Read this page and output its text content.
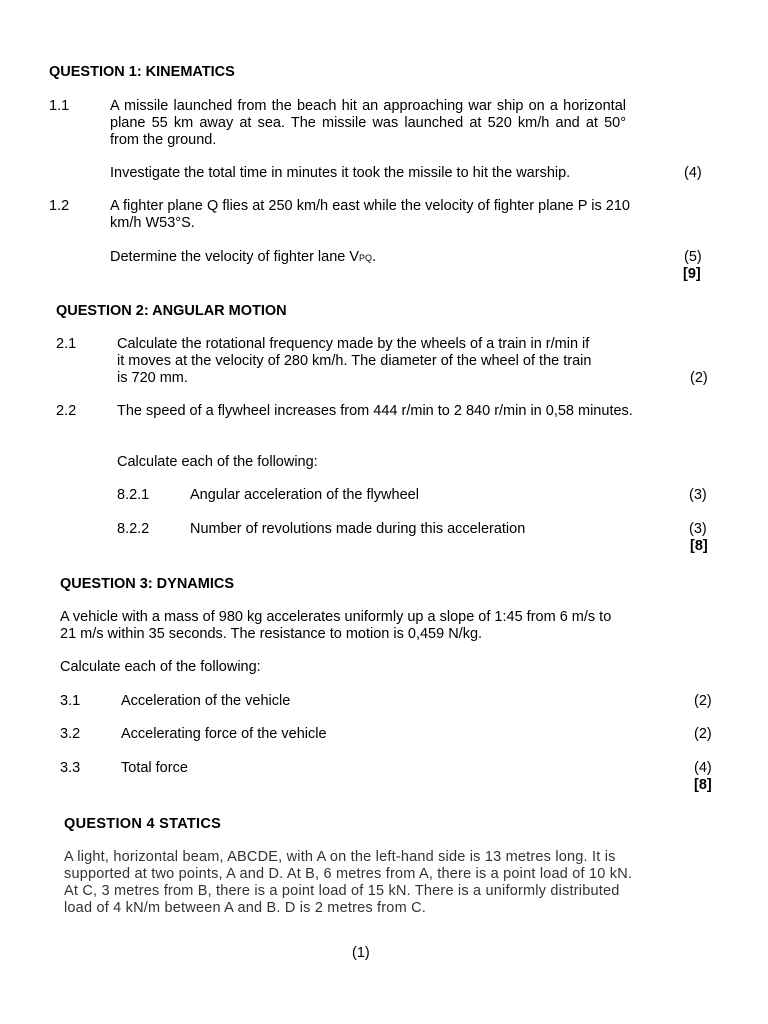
QUESTION 1: KINEMATICS
1.1	A missile launched from the beach hit an approaching war ship on a horizontal plane 55 km away at sea. The missile was launched at 520 km/h and at 50° from the ground.
Investigate the total time in minutes it took the missile to hit the warship.	(4)
1.2	A fighter plane Q flies at 250 km/h east while the velocity of fighter plane P is 210 km/h W53°S.
Determine the velocity of fighter lane VPQ.	(5)
[9]
QUESTION 2: ANGULAR MOTION
2.1	Calculate the rotational frequency made by the wheels of a train in r/min if
it moves at the velocity of 280 km/h. The diameter of the wheel of the train
is 720 mm.	(2)
2.2	The speed of a flywheel increases from 444 r/min to 2 840 r/min in 0,58 minutes.
Calculate each of the following:
8.2.1	Angular acceleration of the flywheel	(3)
8.2.2	Number of revolutions made during this acceleration	(3)
[8]
QUESTION 3: DYNAMICS
A vehicle with a mass of 980 kg accelerates uniformly up a slope of 1:45 from 6 m/s to
21 m/s within 35 seconds. The resistance to motion is 0,459 N/kg.
Calculate each of the following:
3.1	Acceleration of the vehicle	(2)
3.2	Accelerating force of the vehicle	(2)
3.3	Total force	(4)
[8]
QUESTION 4 STATICS
A light, horizontal beam, ABCDE, with A on the left-hand side is 13 metres long. It is
supported at two points, A and D. At B, 6 metres from A, there is a point load of 10 kN.
At C, 3 metres from B, there is a point load of 15 kN. There is a uniformly distributed
load of 4 kN/m between A and B. D is 2 metres from C.
(1)
